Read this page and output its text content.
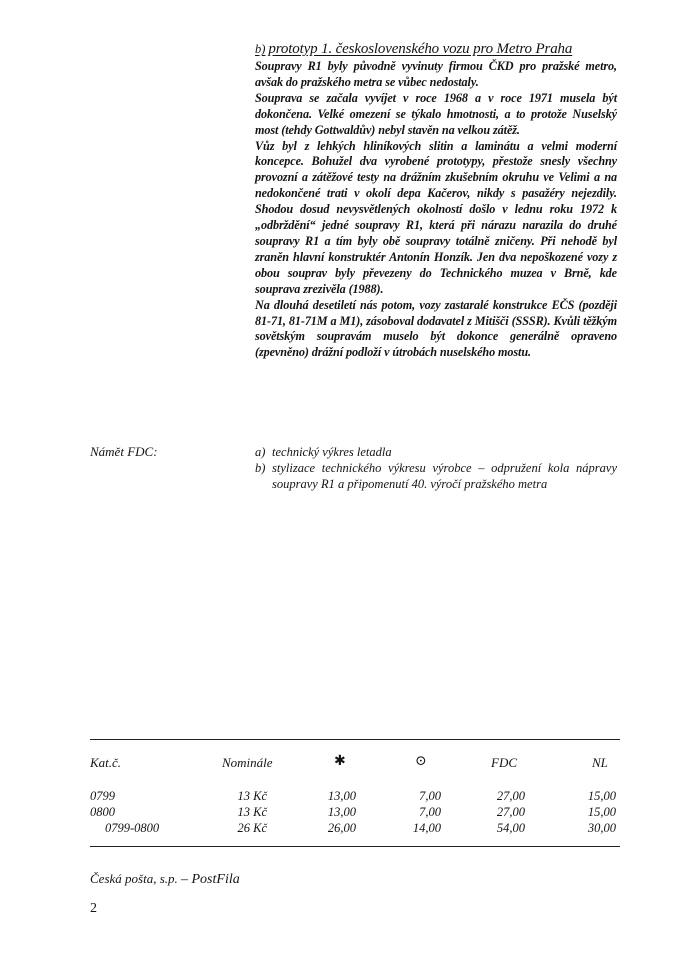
b) prototyp 1. československého vozu pro Metro Praha

Soupravy R1 byly původně vyvinuty firmou ČKD pro pražské metro, avšak do pražského metra se vůbec nedostaly.
Souprava se začala vyvíjet v roce 1968 a v roce 1971 musela být dokončena. Velké omezení se týkalo hmotnosti, a to protože Nuselský most (tehdy Gottwaldův) nebyl stavěn na velkou zátěž.
Vůz byl z lehkých hliníkových slitin a laminátu a velmi moderní koncepce. Bohužel dva vyrobené prototypy, přestože snesly všechny provozní a zátěžové testy na drážním zkušebním okruhu ve Velimi a na nedokončené trati v okolí depa Kačerov, nikdy s pasažéry nejezdily. Shodou dosud nevysvětlených okolností došlo v lednu roku 1972 k „odbrždění“ jedné soupravy R1, která při nárazu narazila do druhé soupravy R1 a tím byly obě soupravy totálně zničeny. Při nehodě byl zraněn hlavní konstruktér Antonín Honzík. Jen dva nepoškozené vozy z obou souprav byly převezeny do Technického muzea v Brně, kde souprava zrezivěla (1988).
Na dlouhá desetiletí nás potom, vozy zastaralé konstrukce EČS (později 81-71, 81-71M a M1), zásoboval dodavatel z Mitišči (SSSR). Kvůli těžkým sovětským soupravám muselo být dokonce generálně opraveno (zpevněno) drážní podloží v útrobách nuselského mostu.

Námět FDC:	a) technický výkres letadla
b) stylizace technického výkresu výrobce – odpružení kola nápravy soupravy R1 a připomenutí 40. výročí pražského metra
Kat.č.	Nominále	✱	⊙	FDC	NL
0799	13 Kč	13,00	7,00	27,00	15,00
0800	13 Kč	13,00	7,00	27,00	15,00
0799-0800	26 Kč	26,00	14,00	54,00	30,00
Česká pošta, s.p. – PostFila
2
